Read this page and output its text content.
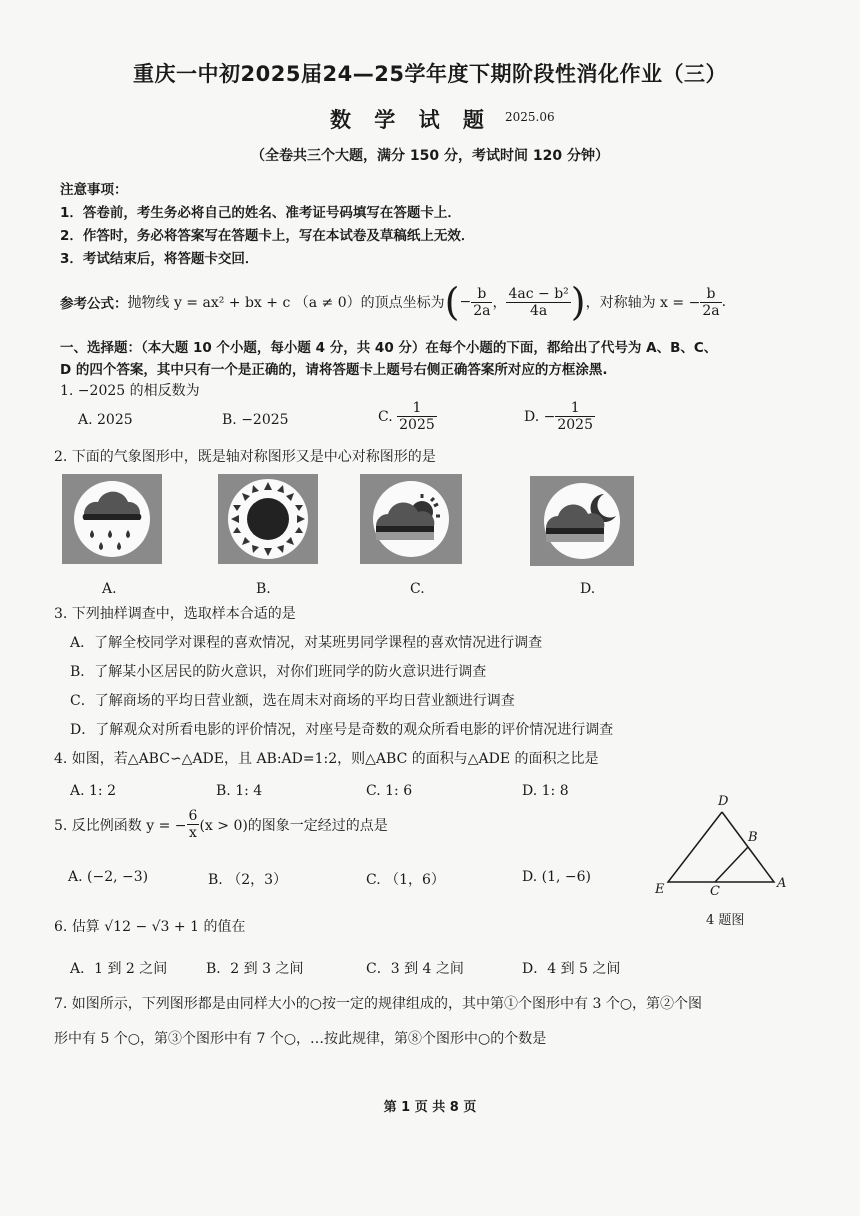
重庆一中初2025届24—25学年度下期阶段性消化作业（三）
数 学 试 题 2025.06
（全卷共三个大题，满分 150 分，考试时间 120 分钟）
注意事项：
1．答卷前，考生务必将自己的姓名、准考证号码填写在答题卡上．
2．作答时，务必将答案写在答题卡上，写在本试卷及草稿纸上无效．
3．考试结束后，将答题卡交回．
参考公式： 抛物线 y = ax² + bx + c （a ≠ 0）的顶点坐标为 ( − $\frac{b}{2a}$ ， $\frac{\text{4ac − b²}}{4a}$ ) ，对称轴为 x = − $\frac{b}{2a}$ .
一、选择题：（本大题 10 个小题，每小题 4 分，共 40 分）在每个小题的下面，都给出了代号为 A、B、C、
D 的四个答案，其中只有一个是正确的，请将答题卡上题号右侧正确答案所对应的方框涂黑.
1. −2025 的相反数为
A. 2025	B. −2025	C.
$\frac{1}{2025}$	D. − $\frac{1}{2025}$
2. 下面的气象图形中，既是轴对称图形又是中心对称图形的是
A.	B.	C.	D.
3. 下列抽样调查中，选取样本合适的是
A．了解全校同学对课程的喜欢情况，对某班男同学课程的喜欢情况进行调查
B．了解某小区居民的防火意识，对你们班同学的防火意识进行调查
C．了解商场的平均日营业额，选在周末对商场的平均日营业额进行调查
D．了解观众对所看电影的评价情况，对座号是奇数的观众所看电影的评价情况进行调查
4. 如图，若△ABC∽△ADE，且 AB:AD=1:2，则△ABC 的面积与△ADE 的面积之比是
A. 1: 2	B. 1: 4	C. 1: 6	D. 1: 8
D
B
E	C
A
4 题图
5. 反比例函数 y = − $\frac{6}{x} (x > 0)$的图象一定经过的点是
A. (−2, −3)	B. （2，3）	C. （1，6）	D. (1, −6)
6. 估算 √12 − √3 + 1 的值在
A．1 到 2 之间	B．2 到 3 之间	C．3 到 4 之间	D．4 到 5 之间
7. 如图所示，下列图形都是由同样大小的○按一定的规律组成的，其中第①个图形中有 3 个○，第②个图
形中有 5 个○，第③个图形中有 7 个○，…按此规律，第⑧个图形中○的个数是
第 1 页 共 8 页
